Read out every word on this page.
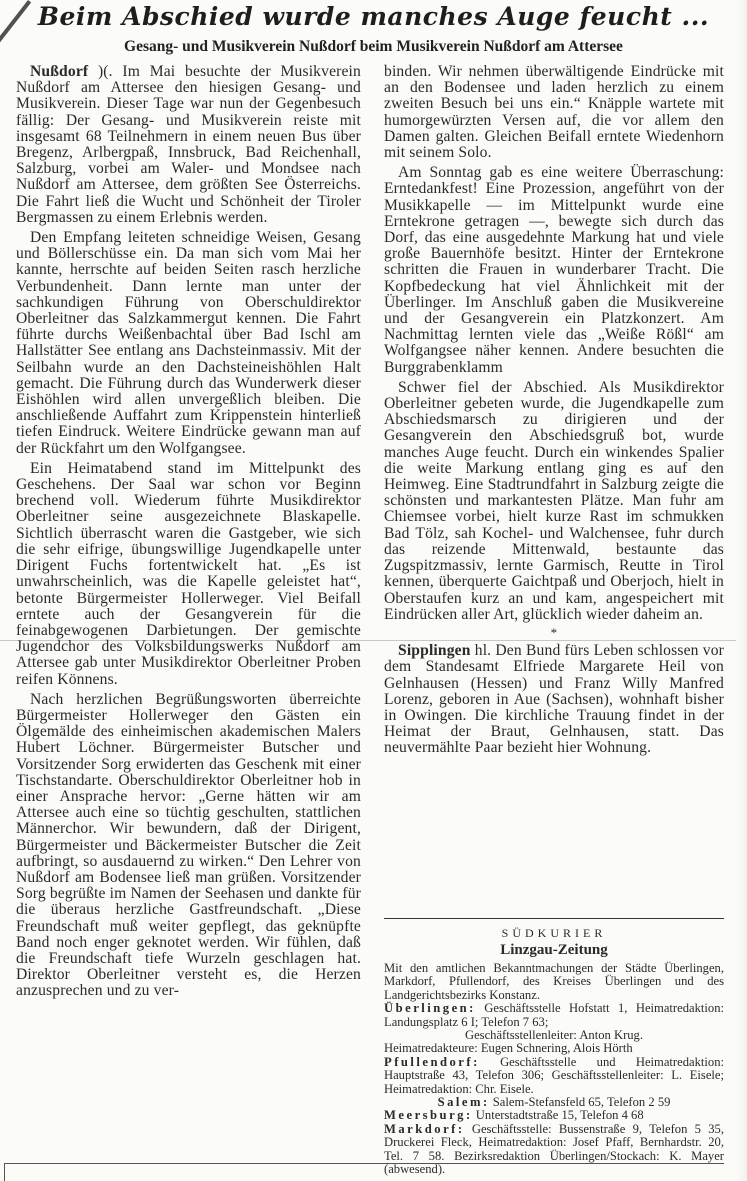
Beim Abschied wurde manches Auge feucht ...
Gesang- und Musikverein Nußdorf beim Musikverein Nußdorf am Attersee

Nußdorf )(. Im Mai besuchte der Musikverein Nußdorf am Attersee den hiesigen Gesang- und Musikverein. Dieser Tage war nun der Gegenbesuch fällig: Der Gesang- und Musikverein reiste mit insgesamt 68 Teilnehmern in einem neuen Bus über Bregenz, Arlbergpaß, Innsbruck, Bad Reichenhall, Salzburg, vorbei am Waler- und Mondsee nach Nußdorf am Attersee, dem größten See Österreichs. Die Fahrt ließ die Wucht und Schönheit der Tiroler Bergmassen zu einem Erlebnis werden.

Den Empfang leiteten schneidige Weisen, Gesang und Böllerschüsse ein. Da man sich vom Mai her kannte, herrschte auf beiden Seiten rasch herzliche Verbundenheit. Dann lernte man unter der sachkundigen Führung von Oberschuldirektor Oberleitner das Salzkammergut kennen. Die Fahrt führte durchs Weißenbachtal über Bad Ischl am Hallstätter See entlang ans Dachsteinmassiv. Mit der Seilbahn wurde an den Dachsteineishöhlen Halt gemacht. Die Führung durch das Wunderwerk dieser Eishöhlen wird allen unvergeßlich bleiben. Die anschließende Auffahrt zum Krippenstein hinterließ tiefen Eindruck. Weitere Eindrücke gewann man auf der Rückfahrt um den Wolfgangsee.

Ein Heimatabend stand im Mittelpunkt des Geschehens. Der Saal war schon vor Beginn brechend voll. Wiederum führte Musikdirektor Oberleitner seine ausgezeichnete Blaskapelle. Sichtlich überrascht waren die Gastgeber, wie sich die sehr eifrige, übungswillige Jugendkapelle unter Dirigent Fuchs fortentwickelt hat. „Es ist unwahrscheinlich, was die Kapelle geleistet hat“, betonte Bürgermeister Hollerweger. Viel Beifall erntete auch der Gesangverein für die feinabgewogenen Darbietungen. Der gemischte Jugendchor des Volksbildungswerks Nußdorf am Attersee gab unter Musikdirektor Oberleitner Proben reifen Könnens.

Nach herzlichen Begrüßungsworten überreichte Bürgermeister Hollerweger den Gästen ein Ölgemälde des einheimischen akademischen Malers Hubert Löchner. Bürgermeister Butscher und Vorsitzender Sorg erwiderten das Geschenk mit einer Tischstandarte. Oberschuldirektor Oberleitner hob in einer Ansprache hervor: „Gerne hätten wir am Attersee auch eine so tüchtig geschulten, stattlichen Männerchor. Wir bewundern, daß der Dirigent, Bürgermeister und Bäckermeister Butscher die Zeit aufbringt, so ausdauernd zu wirken.“ Den Lehrer von Nußdorf am Bodensee ließ man grüßen. Vorsitzender Sorg begrüßte im Namen der Seehasen und dankte für die überaus herzliche Gastfreundschaft. „Diese Freundschaft muß weiter gepflegt, das geknüpfte Band noch enger geknotet werden. Wir fühlen, daß die Freundschaft tiefe Wurzeln geschlagen hat. Direktor Oberleitner versteht es, die Herzen anzusprechen und zu ver-

binden. Wir nehmen überwältigende Eindrücke mit an den Bodensee und laden herzlich zu einem zweiten Besuch bei uns ein.“ Knäpple wartete mit humorgewürzten Versen auf, die vor allem den Damen galten. Gleichen Beifall erntete Wiedenhorn mit seinem Solo.

Am Sonntag gab es eine weitere Überraschung: Erntedankfest! Eine Prozession, angeführt von der Musikkapelle — im Mittelpunkt wurde eine Erntekrone getragen —, bewegte sich durch das Dorf, das eine ausgedehnte Markung hat und viele große Bauernhöfe besitzt. Hinter der Erntekrone schritten die Frauen in wunderbarer Tracht. Die Kopfbedeckung hat viel Ähnlichkeit mit der Überlinger. Im Anschluß gaben die Musikvereine und der Gesangverein ein Platzkonzert. Am Nachmittag lernten viele das „Weiße Rößl“ am Wolfgangsee näher kennen. Andere besuchten die Burggrabenklamm

Schwer fiel der Abschied. Als Musikdirektor Oberleitner gebeten wurde, die Jugendkapelle zum Abschiedsmarsch zu dirigieren und der Gesangverein den Abschiedsgruß bot, wurde manches Auge feucht. Durch ein winkendes Spalier die weite Markung entlang ging es auf den Heimweg. Eine Stadtrundfahrt in Salzburg zeigte die schönsten und markantesten Plätze. Man fuhr am Chiemsee vorbei, hielt kurze Rast im schmukken Bad Tölz, sah Kochel- und Walchensee, fuhr durch das reizende Mittenwald, bestaunte das Zugspitzmassiv, lernte Garmisch, Reutte in Tirol kennen, überquerte Gaichtpaß und Oberjoch, hielt in Oberstaufen kurz an und kam, angespeichert mit Eindrücken aller Art, glücklich wieder daheim an.

*

Sipplingen hl. Den Bund fürs Leben schlossen vor dem Standesamt Elfriede Margarete Heil von Gelnhausen (Hessen) und Franz Willy Manfred Lorenz, geboren in Aue (Sachsen), wohnhaft bisher in Owingen. Die kirchliche Trauung findet in der Heimat der Braut, Gelnhausen, statt. Das neuvermählte Paar bezieht hier Wohnung.

SÜDKURIER
Linzgau-Zeitung
Mit den amtlichen Bekanntmachungen der Städte Überlingen, Markdorf, Pfullendorf, des Kreises Überlingen und des Landgerichtsbezirks Konstanz.
Überlingen: Geschäftsstelle Hofstatt 1, Heimatredaktion: Landungsplatz 6 I; Telefon 7 63;
Geschäftsstellenleiter: Anton Krug.
Heimatredakteure: Eugen Schnering, Alois Hörth
Pfullendorf: Geschäftsstelle und Heimatredaktion: Hauptstraße 43, Telefon 306; Geschäftsstellenleiter: L. Eisele; Heimatredaktion: Chr. Eisele.
Salem: Salem-Stefansfeld 65, Telefon 2 59
Meersburg: Unterstadtstraße 15, Telefon 4 68
Markdorf: Geschäftsstelle: Bussenstraße 9, Telefon 5 35, Druckerei Fleck, Heimatredaktion: Josef Pfaff, Bernhardstr. 20, Tel. 7 58. Bezirksredaktion Überlingen/Stockach: K. Mayer (abwesend).
